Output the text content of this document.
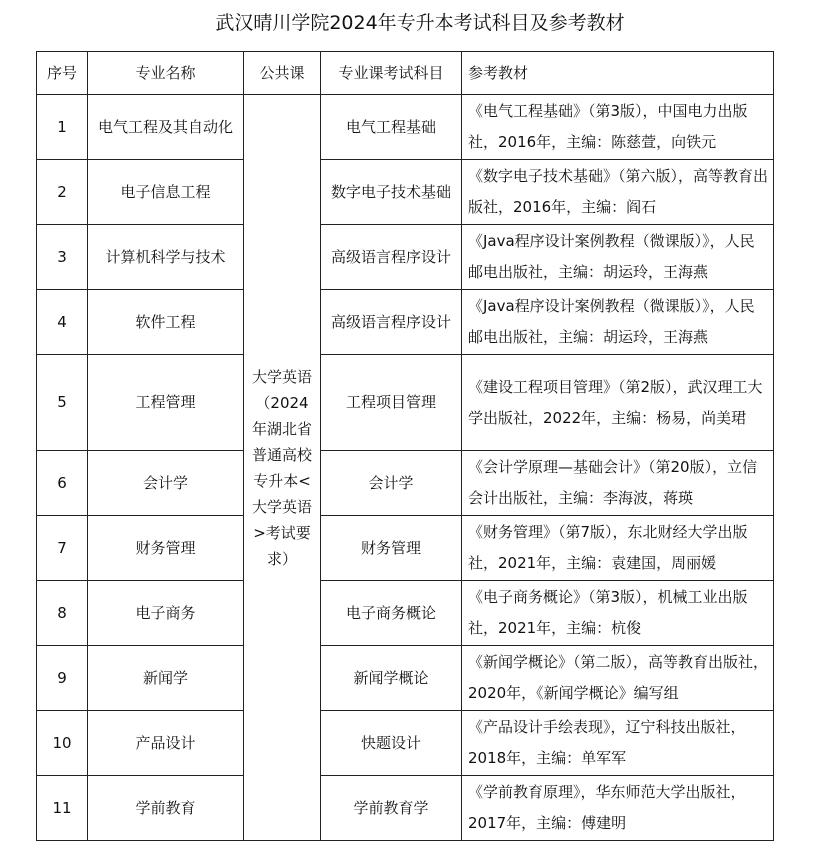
武汉晴川学院2024年专升本考试科目及参考教材
序号	专业名称	公共课	专业课考试科目	参考教材
1	电气工程及其自动化	大学英语（2024年湖北省普通高校专升本<大学英语>考试要求）	电气工程基础	《电气工程基础》（第3版），中国电力出版社，2016年，主编：陈慈萱，向铁元
2	电子信息工程		数字电子技术基础	《数字电子技术基础》（第六版），高等教育出版社，2016年，主编：阎石
3	计算机科学与技术		高级语言程序设计	《Java程序设计案例教程（微课版）》，人民邮电出版社，主编：胡运玲，王海燕
4	软件工程		高级语言程序设计	《Java程序设计案例教程（微课版）》，人民邮电出版社，主编：胡运玲，王海燕
5	工程管理		工程项目管理	《建设工程项目管理》（第2版），武汉理工大学出版社，2022年，主编：杨易，尚美珺
6	会计学		会计学	《会计学原理—基础会计》（第20版），立信会计出版社，主编：李海波，蒋瑛
7	财务管理		财务管理	《财务管理》（第7版），东北财经大学出版社，2021年，主编：袁建国，周丽媛
8	电子商务		电子商务概论	《电子商务概论》（第3版），机械工业出版社，2021年，主编：杭俊
9	新闻学		新闻学概论	《新闻学概论》（第二版），高等教育出版社，2020年，《新闻学概论》编写组
10	产品设计		快题设计	《产品设计手绘表现》，辽宁科技出版社，2018年，主编：单军军
11	学前教育		学前教育学	《学前教育原理》，华东师范大学出版社，2017年，主编：傅建明
